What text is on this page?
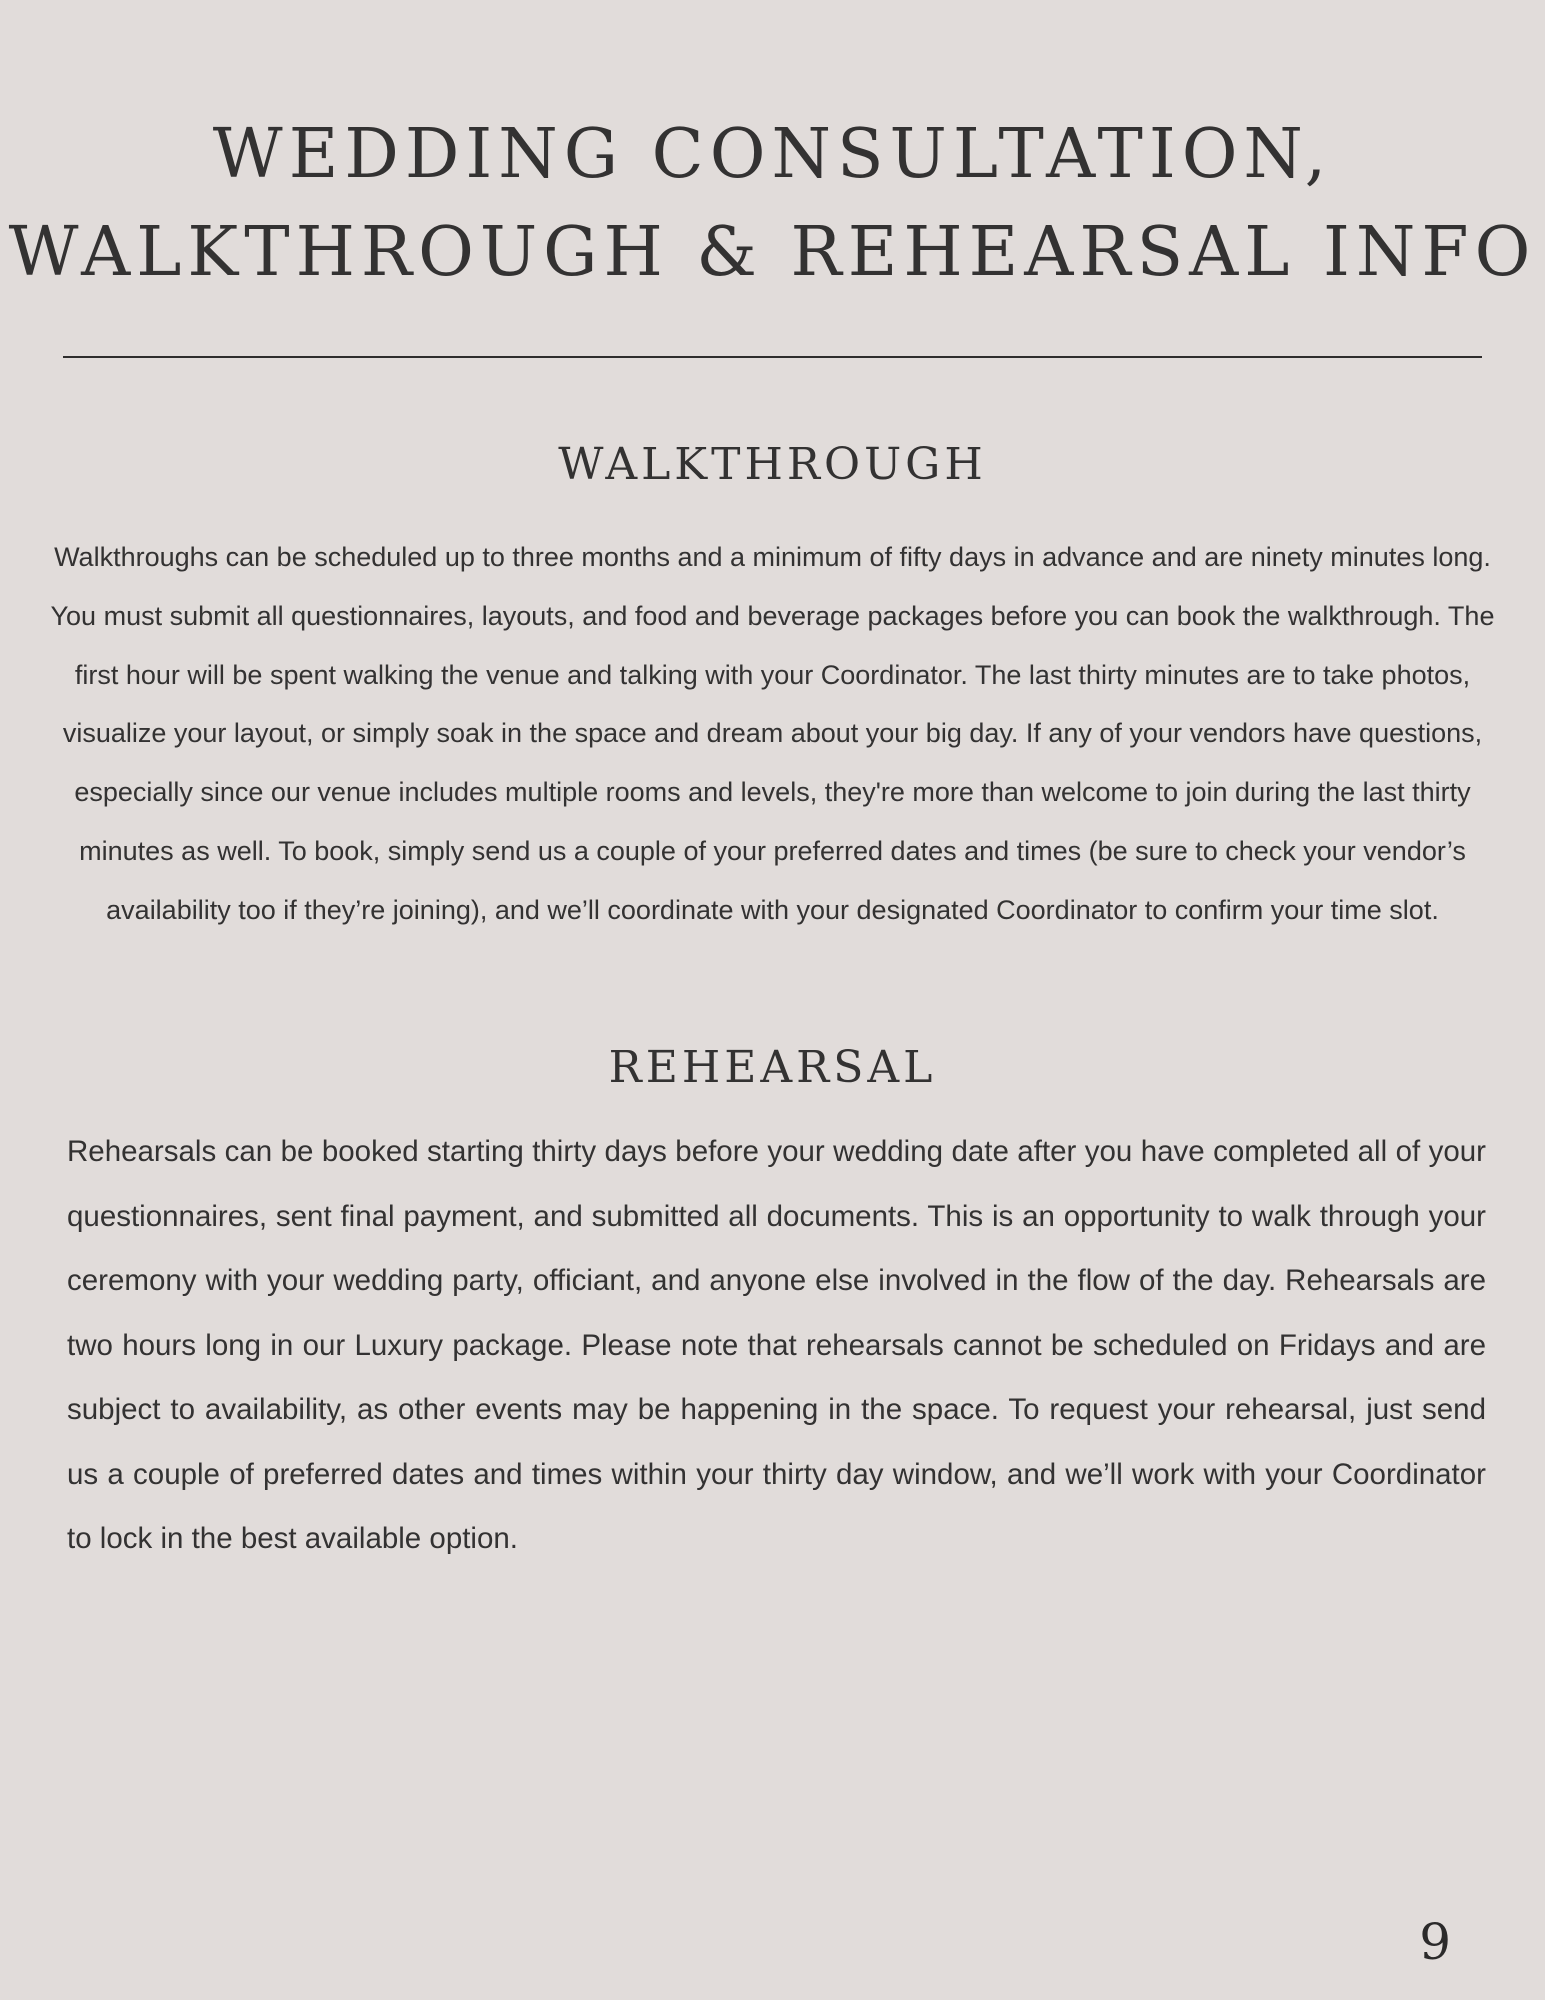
WEDDING CONSULTATION,
WALKTHROUGH & REHEARSAL INFO
WALKTHROUGH

Walkthroughs can be scheduled up to three months and a minimum of fifty days in advance and are ninety minutes long. You must submit all questionnaires, layouts, and food and beverage packages before you can book the walkthrough. The first hour will be spent walking the venue and talking with your Coordinator. The last thirty minutes are to take photos, visualize your layout, or simply soak in the space and dream about your big day. If any of your vendors have questions, especially since our venue includes multiple rooms and levels, they're more than welcome to join during the last thirty minutes as well. To book, simply send us a couple of your preferred dates and times (be sure to check your vendor’s availability too if they’re joining), and we’ll coordinate with your designated Coordinator to confirm your time slot.

REHEARSAL

Rehearsals can be booked starting thirty days before your wedding date after you have completed all of your questionnaires, sent final payment, and submitted all documents. This is an opportunity to walk through your ceremony with your wedding party, officiant, and anyone else involved in the flow of the day. Rehearsals are two hours long in our Luxury package. Please note that rehearsals cannot be scheduled on Fridays and are subject to availability, as other events may be happening in the space. To request your rehearsal, just send us a couple of preferred dates and times within your thirty day window, and we’ll work with your Coordinator to lock in the best available option.

9
